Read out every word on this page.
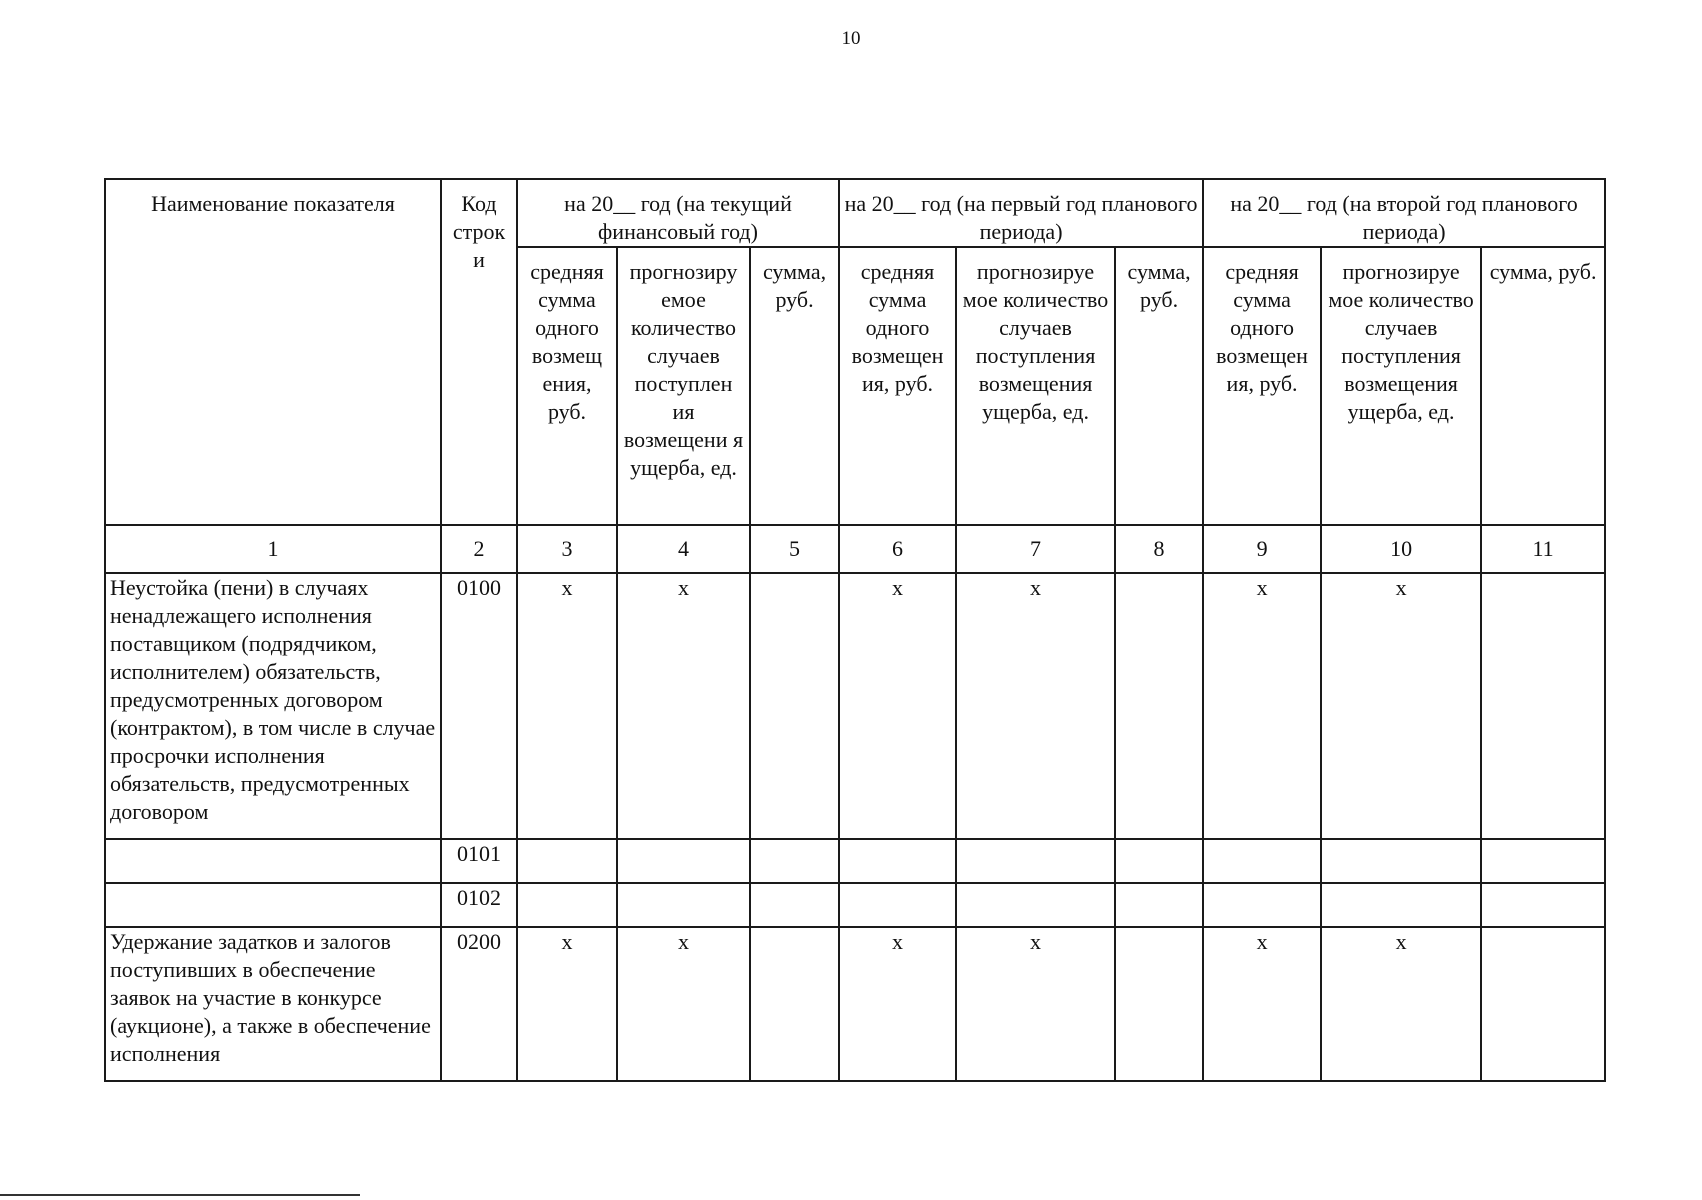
10
Наименование показателя	Код строк и	на 20__ год (на текущий финансовый год)			на 20__ год (на первый год планового периода)			на 20__ год (на второй год планового периода)		
		средняя сумма одного возмещ ения, руб.	прогнозиру емое количество случаев поступлен ия возмещени я ущерба, ед.	сумма, руб.	средняя сумма одного возмещен ия, руб.	прогнозируе мое количество случаев поступления возмещения ущерба, ед.	сумма, руб.	средняя сумма одного возмещен ия, руб.	прогнозируе мое количество случаев поступления возмещения ущерба, ед.	сумма, руб.
1	2	3	4	5	6	7	8	9	10	11
Неустойка (пени) в случаях ненадлежащего исполнения поставщиком (подрядчиком, исполнителем) обязательств, предусмотренных договором (контрактом), в том числе в случае просрочки исполнения обязательств, предусмотренных договором	0100	x	x		x	x		x	x	
	0101									
	0102									
Удержание задатков и залогов поступивших в обеспечение заявок на участие в конкурсе (аукционе), а также в обеспечение исполнения	0200	x	x		x	x		x	x	
